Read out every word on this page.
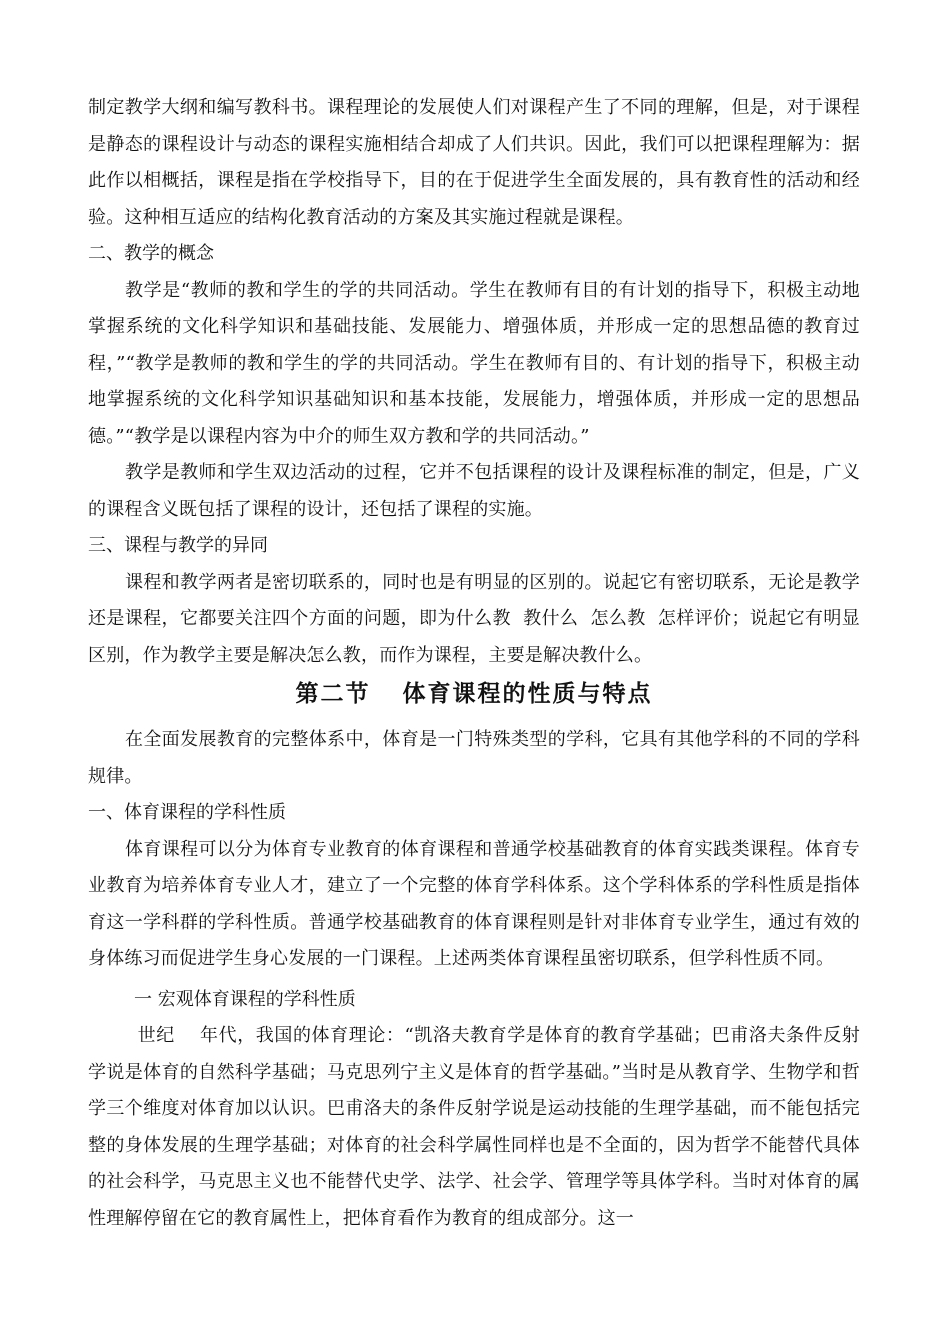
制定教学大纲和编写教科书。课程理论的发展使人们对课程产生了不同的理解，但是，对于课程是静态的课程设计与动态的课程实施相结合却成了人们共识。因此，我们可以把课程理解为：据此作以相概括，课程是指在学校指导下，目的在于促进学生全面发展的，具有教育性的活动和经验。这种相互适应的结构化教育活动的方案及其实施过程就是课程。

二、教学的概念

教学是“教师的教和学生的学的共同活动。学生在教师有目的有计划的指导下，积极主动地掌握系统的文化科学知识和基础技能、发展能力、增强体质，并形成一定的思想品德的教育过程，”“教学是教师的教和学生的学的共同活动。学生在教师有目的、有计划的指导下，积极主动地掌握系统的文化科学知识基础知识和基本技能，发展能力，增强体质，并形成一定的思想品德。”“教学是以课程内容为中介的师生双方教和学的共同活动。”

教学是教师和学生双边活动的过程，它并不包括课程的设计及课程标准的制定，但是，广义的课程含义既包括了课程的设计，还包括了课程的实施。

三、课程与教学的异同

课程和教学两者是密切联系的，同时也是有明显的区别的。说起它有密切联系，无论是教学还是课程，它都要关注四个方面的问题，即为什么教  教什么  怎么教  怎样评价；说起它有明显区别，作为教学主要是解决怎么教，而作为课程，主要是解决教什么。

第二节 体育课程的性质与特点

在全面发展教育的完整体系中，体育是一门特殊类型的学科，它具有其他学科的不同的学科规律。

一、体育课程的学科性质

体育课程可以分为体育专业教育的体育课程和普通学校基础教育的体育实践类课程。体育专业教育为培养体育专业人才，建立了一个完整的体育学科体系。这个学科体系的学科性质是指体育这一学科群的学科性质。普通学校基础教育的体育课程则是针对非体育专业学生，通过有效的身体练习而促进学生身心发展的一门课程。上述两类体育课程虽密切联系，但学科性质不同。

一 宏观体育课程的学科性质

世纪    年代，我国的体育理论：“凯洛夫教育学是体育的教育学基础；巴甫洛夫条件反射学说是体育的自然科学基础；马克思列宁主义是体育的哲学基础。”当时是从教育学、生物学和哲学三个维度对体育加以认识。巴甫洛夫的条件反射学说是运动技能的生理学基础，而不能包括完整的身体发展的生理学基础；对体育的社会科学属性同样也是不全面的，因为哲学不能替代具体的社会科学，马克思主义也不能替代史学、法学、社会学、管理学等具体学科。当时对体育的属性理解停留在它的教育属性上，把体育看作为教育的组成部分。这一
